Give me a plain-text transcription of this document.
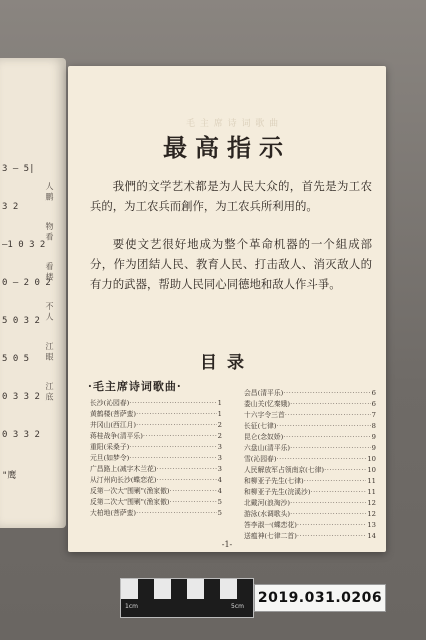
3 — 5|
3 2
—1 0 3 2
0 — 2 0 2
5 0 3 2
5 0 5
0 3 3 2
0 3 3 2
"鹰
人 鹏
物 看
看 楼
不 人
江 眼
江 底
毛 主 席 诗 词 歌 曲
最高指示
我們的文学艺术都是为人民大众的，首先是为工农兵的，为工农兵而創作，为工农兵所利用的。
要使文艺很好地成为整个革命机器的一个組成部分，作为团結人民、教育人民、打击敌人、消灭敌人的有力的武器，帮助人民同心同德地和敌人作斗爭。
目录
·毛主席诗词歌曲·
长沙(沁园春) ·····	1
黄鹤楼(菩萨蛮) ·····	1
井冈山(西江月) ·····	2
蒋桂战争(清平乐) ·····	2
重阳(采桑子) ·····	3
元旦(如梦令) ·····	3
广昌路上(减字木兰花) ·····	3
从汀州向长沙(蝶恋花) ·····	4
反第一次大"围剿"(渔家傲) ·····	4
反第二次大"围剿"(渔家傲) ·····	5
大柏地(菩萨蛮) ·····	5
会昌(清平乐) ·····	6
娄山关(忆秦娥) ·····	6
十六字令三首 ·····	7
长征(七律) ·····	8
昆仑(念奴娇) ·····	9
六盘山(清平乐) ·····	9
雪(沁园春) ·····	10
人民解放军占领南京(七律) ·····	10
和柳亚子先生(七律) ·····	11
和柳亚子先生(浣溪沙) ·····	11
北戴河(浪淘沙) ·····	12
游泳(水调歌头) ·····	12
答李淑一(蝶恋花) ·····	13
送瘟神(七律二首) ·····	14
-1-
1cm	5cm
2019.031.0206
